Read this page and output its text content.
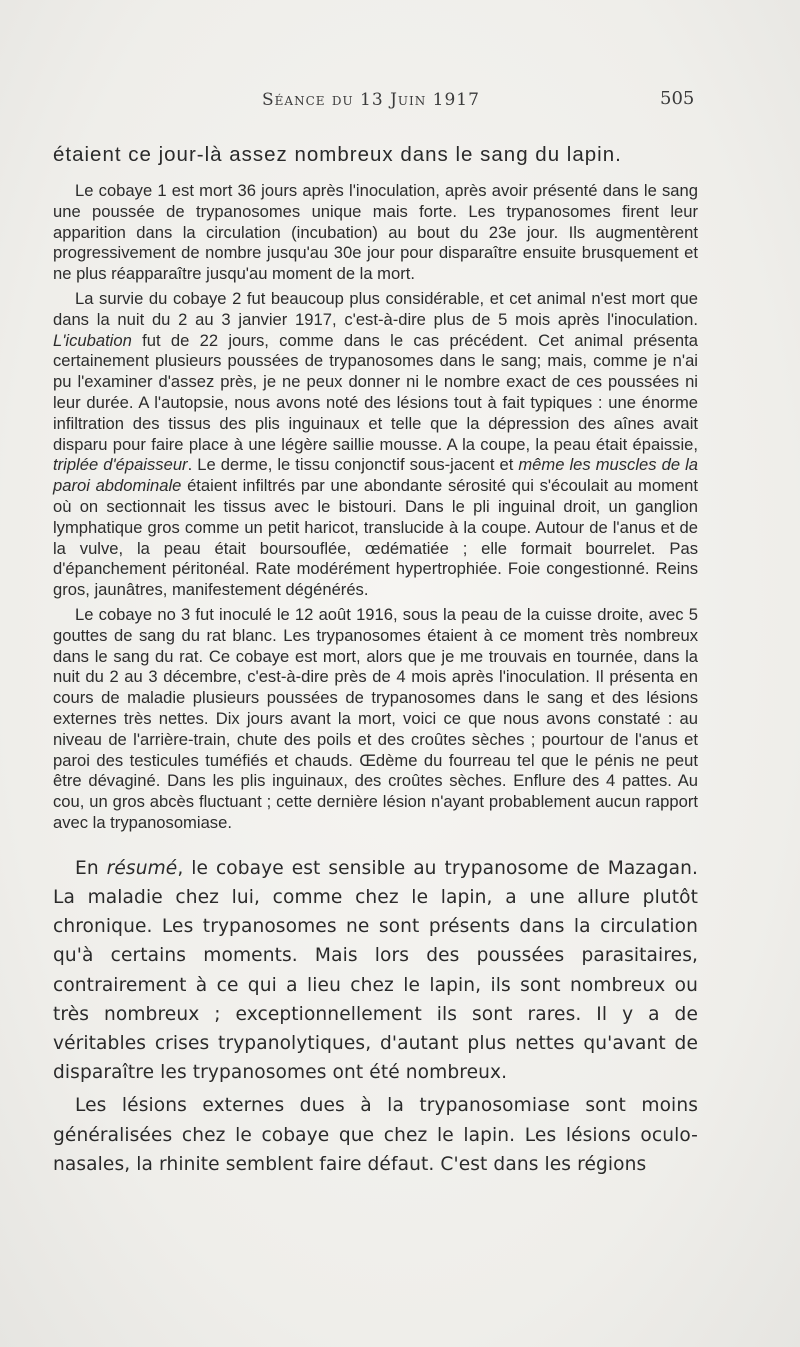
Séance du 13 Juin 1917	505

étaient ce jour-là assez nombreux dans le sang du lapin.

Le cobaye 1 est mort 36 jours après l'inoculation, après avoir présenté dans le sang une poussée de trypanosomes unique mais forte. Les trypanosomes firent leur apparition dans la circulation (incubation) au bout du 23e jour. Ils augmentèrent progressivement de nombre jusqu'au 30e jour pour disparaître ensuite brusquement et ne plus réapparaître jusqu'au moment de la mort.

La survie du cobaye 2 fut beaucoup plus considérable, et cet animal n'est mort que dans la nuit du 2 au 3 janvier 1917, c'est-à-dire plus de 5 mois après l'inoculation. L'icubation fut de 22 jours, comme dans le cas précédent. Cet animal présenta certainement plusieurs poussées de trypanosomes dans le sang; mais, comme je n'ai pu l'examiner d'assez près, je ne peux donner ni le nombre exact de ces poussées ni leur durée. A l'autopsie, nous avons noté des lésions tout à fait typiques : une énorme infiltration des tissus des plis inguinaux et telle que la dépression des aînes avait disparu pour faire place à une légère saillie mousse. A la coupe, la peau était épaissie, triplée d'épaisseur. Le derme, le tissu conjonctif sous-jacent et même les muscles de la paroi abdominale étaient infiltrés par une abondante sérosité qui s'écoulait au moment où on sectionnait les tissus avec le bistouri. Dans le pli inguinal droit, un ganglion lymphatique gros comme un petit haricot, translucide à la coupe. Autour de l'anus et de la vulve, la peau était boursouflée, œdématiée ; elle formait bourrelet. Pas d'épanchement péritonéal. Rate modérément hypertrophiée. Foie congestionné. Reins gros, jaunâtres, manifestement dégénérés.

Le cobaye no 3 fut inoculé le 12 août 1916, sous la peau de la cuisse droite, avec 5 gouttes de sang du rat blanc. Les trypanosomes étaient à ce moment très nombreux dans le sang du rat. Ce cobaye est mort, alors que je me trouvais en tournée, dans la nuit du 2 au 3 décembre, c'est-à-dire près de 4 mois après l'inoculation. Il présenta en cours de maladie plusieurs poussées de trypanosomes dans le sang et des lésions externes très nettes. Dix jours avant la mort, voici ce que nous avons constaté : au niveau de l'arrière-train, chute des poils et des croûtes sèches ; pourtour de l'anus et paroi des testicules tuméfiés et chauds. Œdème du fourreau tel que le pénis ne peut être dévaginé. Dans les plis inguinaux, des croûtes sèches. Enflure des 4 pattes. Au cou, un gros abcès fluctuant ; cette dernière lésion n'ayant probablement aucun rapport avec la trypanosomiase.

En résumé, le cobaye est sensible au trypanosome de Mazagan. La maladie chez lui, comme chez le lapin, a une allure plutôt chronique. Les trypanosomes ne sont présents dans la circulation qu'à certains moments. Mais lors des poussées parasitaires, contrairement à ce qui a lieu chez le lapin, ils sont nombreux ou très nombreux ; exceptionnellement ils sont rares. Il y a de véritables crises trypanolytiques, d'autant plus nettes qu'avant de disparaître les trypanosomes ont été nombreux.

Les lésions externes dues à la trypanosomiase sont moins généralisées chez le cobaye que chez le lapin. Les lésions oculo-nasales, la rhinite semblent faire défaut. C'est dans les régions
